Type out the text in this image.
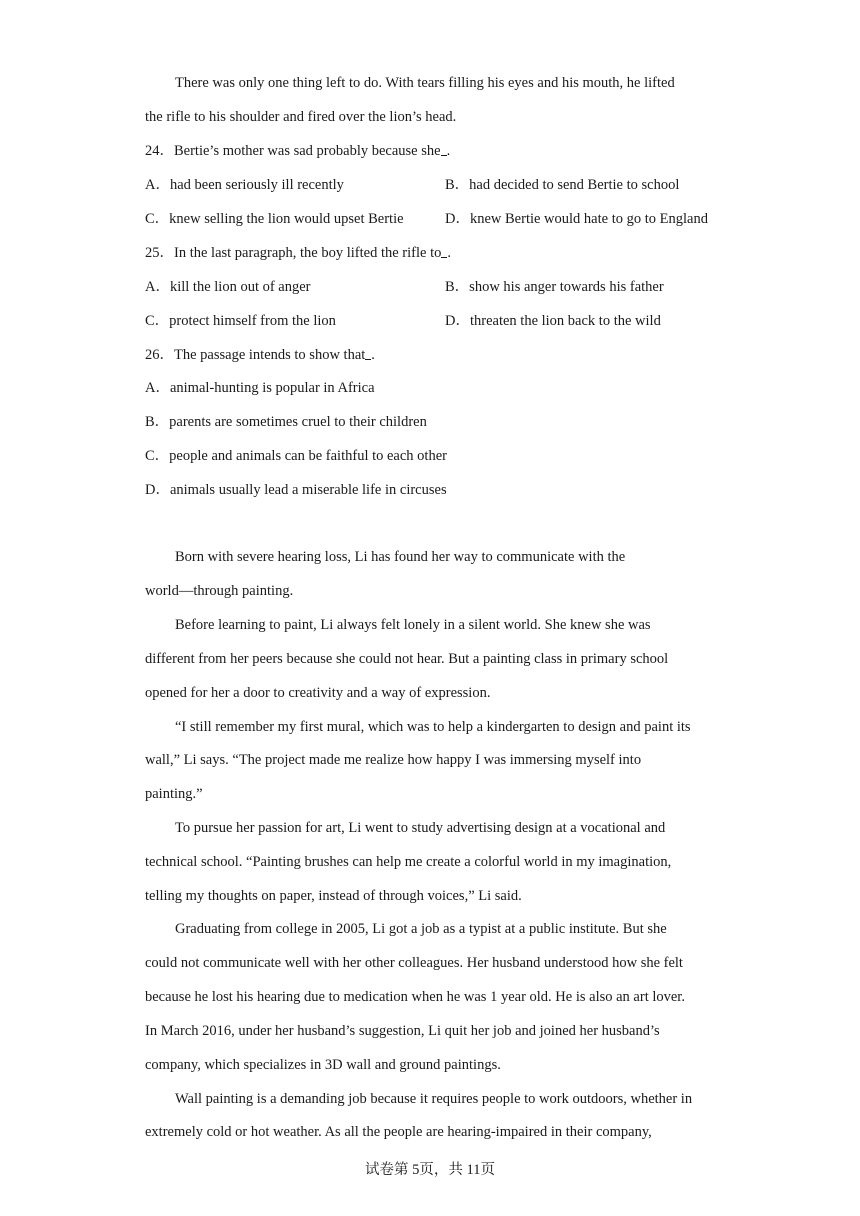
There was only one thing left to do. With tears filling his eyes and his mouth, he lifted
the rifle to his shoulder and fired over the lion’s head.
24．Bertie’s mother was sad probably because she .
A．had been seriously ill recently	B．had decided to send Bertie to school
C．knew selling the lion would upset Bertie	D．knew Bertie would hate to go to England
25．In the last paragraph, the boy lifted the rifle to .
A．kill the lion out of anger	B．show his anger towards his father
C．protect himself from the lion	D．threaten the lion back to the wild
26．The passage intends to show that .
A．animal-hunting is popular in Africa
B．parents are sometimes cruel to their children
C．people and animals can be faithful to each other
D．animals usually lead a miserable life in circuses
Born with severe hearing loss, Li has found her way to communicate with the
world—through painting.
Before learning to paint, Li always felt lonely in a silent world. She knew she was
different from her peers because she could not hear. But a painting class in primary school
opened for her a door to creativity and a way of expression.
“I still remember my first mural, which was to help a kindergarten to design and paint its
wall,” Li says. “The project made me realize how happy I was immersing myself into
painting.”
To pursue her passion for art, Li went to study advertising design at a vocational and
technical school. “Painting brushes can help me create a colorful world in my imagination,
telling my thoughts on paper, instead of through voices,” Li said.
Graduating from college in 2005, Li got a job as a typist at a public institute. But she
could not communicate well with her other colleagues. Her husband understood how she felt
because he lost his hearing due to medication when he was 1 year old. He is also an art lover.
In March 2016, under her husband’s suggestion, Li quit her job and joined her husband’s
company, which specializes in 3D wall and ground paintings.
Wall painting is a demanding job because it requires people to work outdoors, whether in
extremely cold or hot weather. As all the people are hearing-impaired in their company,
试卷第 5页，共 11页
